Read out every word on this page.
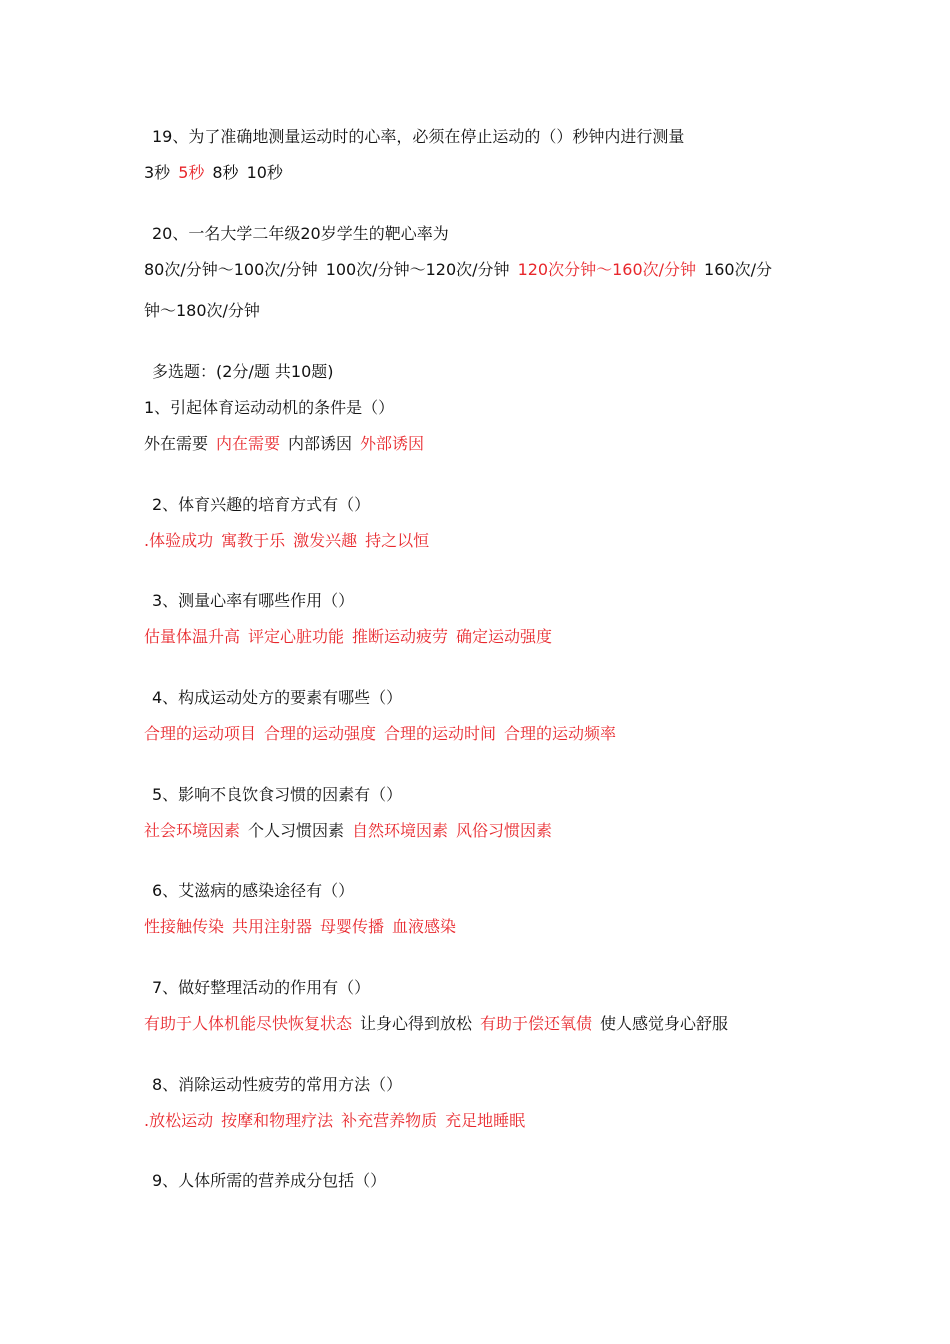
19、为了准确地测量运动时的心率，必须在停止运动的（）秒钟内进行测量
3秒 5秒 8秒 10秒
20、一名大学二年级20岁学生的靶心率为
80次/分钟～100次/分钟 100次/分钟～120次/分钟 120次分钟～160次/分钟 160次/分
钟～180次/分钟
多选题：(2分/题 共10题)
1、引起体育运动动机的条件是（）
外在需要 内在需要 内部诱因 外部诱因
2、体育兴趣的培育方式有（）
.体验成功 寓教于乐 激发兴趣 持之以恒
3、测量心率有哪些作用（）
估量体温升高 评定心脏功能 推断运动疲劳 确定运动强度
4、构成运动处方的要素有哪些（）
合理的运动项目 合理的运动强度 合理的运动时间 合理的运动频率
5、影响不良饮食习惯的因素有（）
社会环境因素 个人习惯因素 自然环境因素 风俗习惯因素
6、艾滋病的感染途径有（）
性接触传染 共用注射器 母婴传播 血液感染
7、做好整理活动的作用有（）
有助于人体机能尽快恢复状态 让身心得到放松 有助于偿还氧债 使人感觉身心舒服
8、消除运动性疲劳的常用方法（）
.放松运动 按摩和物理疗法 补充营养物质 充足地睡眠
9、人体所需的营养成分包括（）
